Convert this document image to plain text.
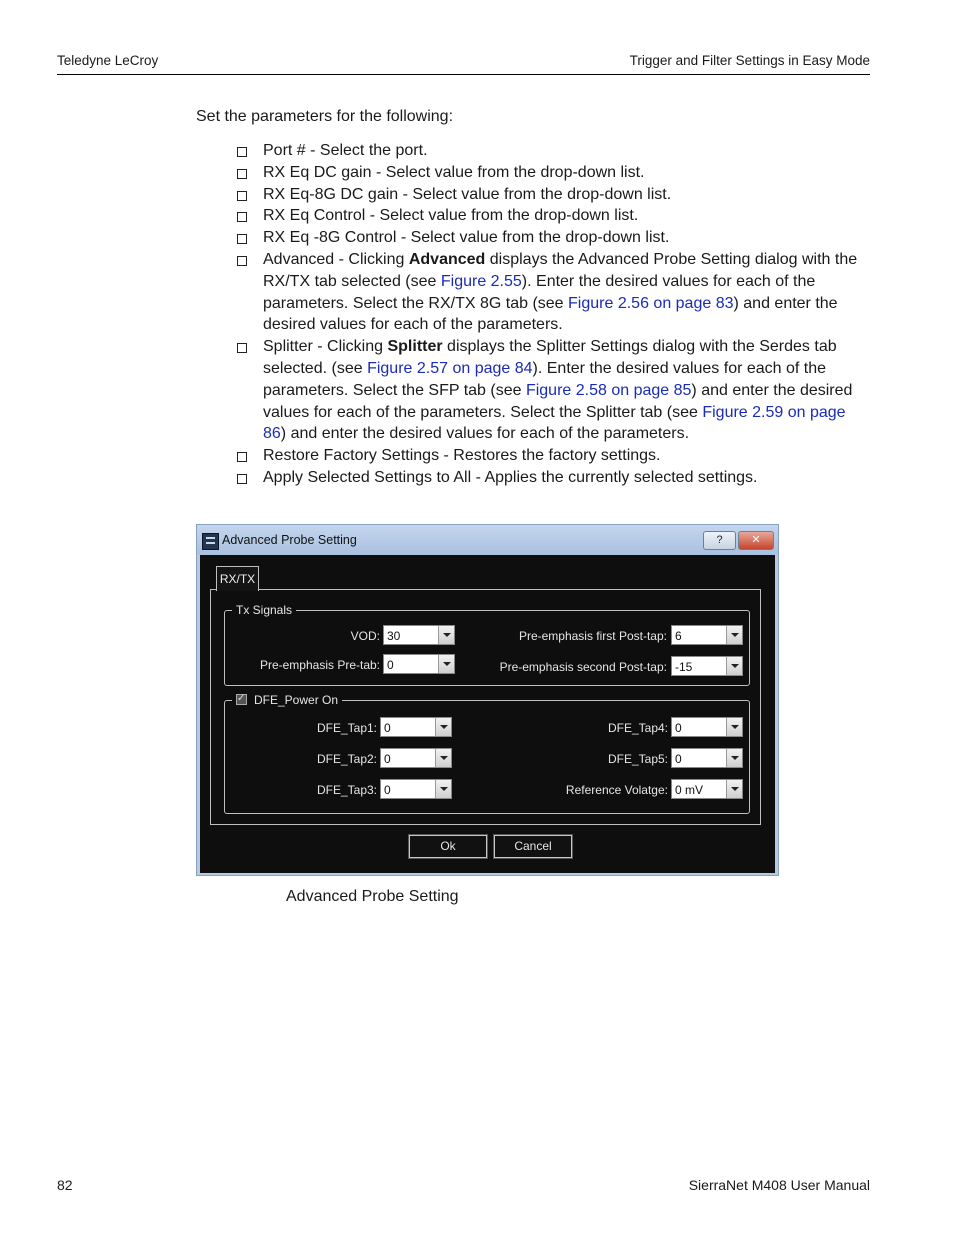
Teledyne LeCroy	Trigger and Filter Settings in Easy Mode
Set the parameters for the following:
Port # - Select the port.
RX Eq DC gain - Select value from the drop-down list.
RX Eq-8G DC gain - Select value from the drop-down list.
RX Eq Control - Select value from the drop-down list.
RX Eq -8G Control - Select value from the drop-down list.
Advanced - Clicking Advanced displays the Advanced Probe Setting dialog with the RX/TX tab selected (see Figure 2.55). Enter the desired values for each of the parameters. Select the RX/TX 8G tab (see Figure 2.56 on page 83) and enter the desired values for each of the parameters.
Splitter - Clicking Splitter displays the Splitter Settings dialog with the Serdes tab selected. (see Figure 2.57 on page 84). Enter the desired values for each of the parameters. Select the SFP tab (see Figure 2.58 on page 85) and enter the desired values for each of the parameters. Select the Splitter tab (see Figure 2.59 on page 86) and enter the desired values for each of the parameters.
Restore Factory Settings - Restores the factory settings.
Apply Selected Settings to All - Applies the currently selected settings.
Advanced Probe Setting	?	✕
RX/TX
Tx Signals
VOD: 30
Pre-emphasis Pre-tab: 0
Pre-emphasis first Post-tap: 6
Pre-emphasis second Post-tap: -15
✓DFE_Power On
DFE_Tap1: 0
DFE_Tap2: 0
DFE_Tap3: 0
DFE_Tap4: 0
DFE_Tap5: 0
Reference Volatge: 0 mV
Ok	Cancel
Advanced Probe Setting
82	SierraNet M408 User Manual
